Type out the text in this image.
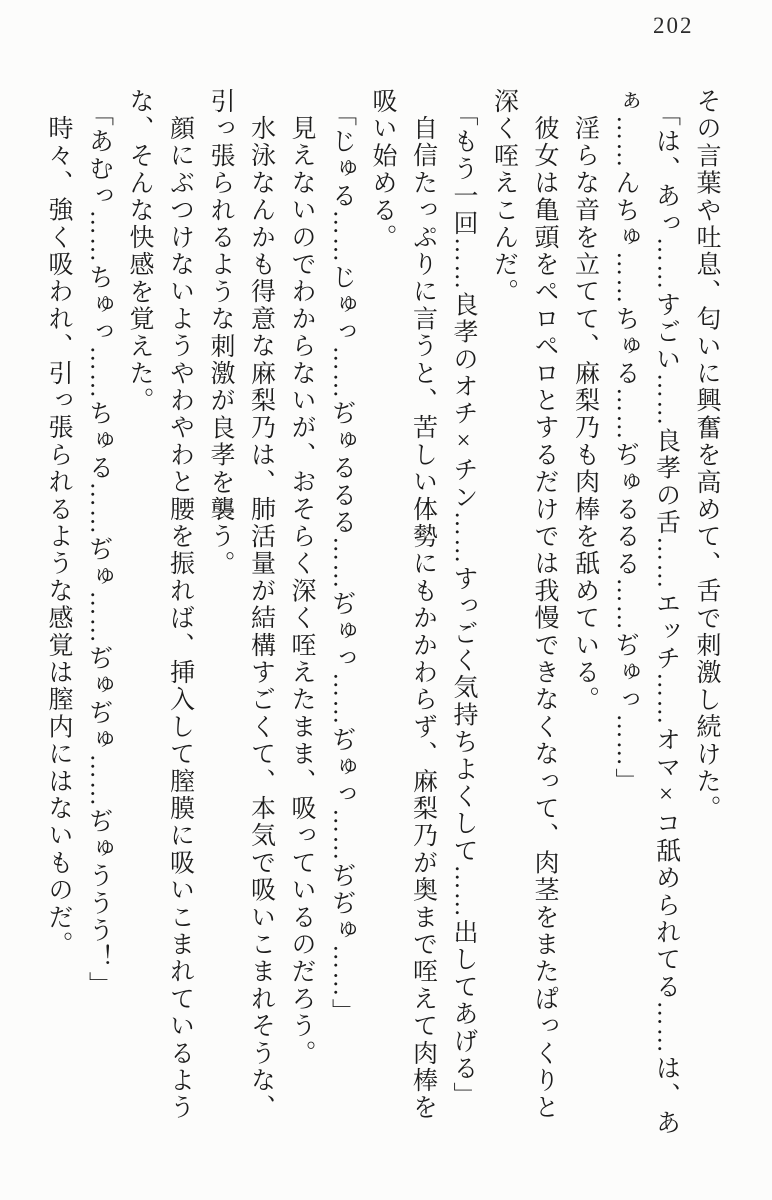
202
その言葉や吐息、匂いに興奮を高めて、舌で刺激し続けた。
「は、あっ……すごい……良孝の舌……エッチ……オマ×コ舐められてる……は、あ
ぁ……んちゅ……ちゅる……ぢゅるるる……ぢゅっ……」
淫らな音を立てて、麻梨乃も肉棒を舐めている。
彼女は亀頭をペロペロとするだけでは我慢できなくなって、肉茎をまたぱっくりと
深く咥えこんだ。
「もう一回……良孝のオチ×チン……すっごく気持ちよくして……出してあげる」
自信たっぷりに言うと、苦しい体勢にもかかわらず、麻梨乃が奥まで咥えて肉棒を
吸い始める。
「じゅる……じゅっ……ぢゅるるる……ぢゅっ……ぢゅっ……ぢぢゅ……」
見えないのでわからないが、おそらく深く咥えたまま、吸っているのだろう。
水泳なんかも得意な麻梨乃は、肺活量が結構すごくて、本気で吸いこまれそうな、
引っ張られるような刺激が良孝を襲う。
顔にぶつけないようやわやわと腰を振れば、挿入して膣膜に吸いこまれているよう
な、そんな快感を覚えた。
「あむっ……ちゅっ……ちゅる……ぢゅ……ぢゅぢゅ……ぢゅううう！」
時々、強く吸われ、引っ張られるような感覚は膣内にはないものだ。
